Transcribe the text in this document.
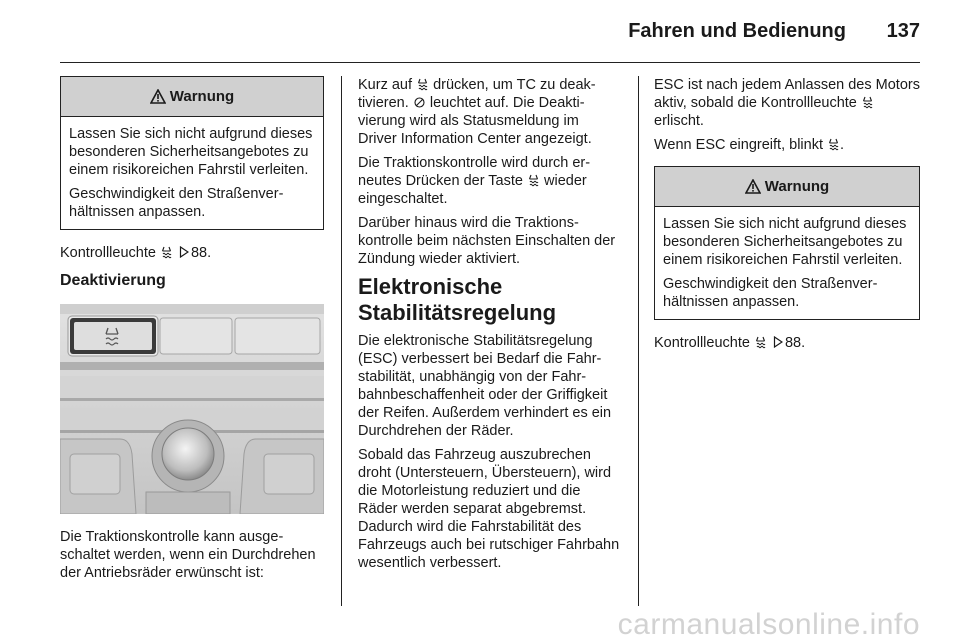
Fahren und Bedienung 137
Warnung

Lassen Sie sich nicht aufgrund dieses besonderen Sicherheitsangebotes zu einem risikoreichen Fahrstil verleiten.

Geschwindigkeit den Straßenverhältnissen anpassen.

Kontrollleuchte
88.

Deaktivierung

Die Traktionskontrolle kann ausgeschaltet werden, wenn ein Durchdrehen der Antriebsräder erwünscht ist:

Kurz auf drücken, um TC zu deaktivieren. leuchtet auf. Die Deaktivierung wird als Statusmeldung im Driver Information Center angezeigt.

Die Traktionskontrolle wird durch erneutes Drücken der Taste wieder eingeschaltet.

Darüber hinaus wird die Traktionskontrolle beim nächsten Einschalten der Zündung wieder aktiviert.

Elektronische Stabilitätsregelung

Die elektronische Stabilitätsregelung (ESC) verbessert bei Bedarf die Fahrstabilität, unabhängig von der Fahrbahnbeschaffenheit oder der Griffigkeit der Reifen. Außerdem verhindert es ein Durchdrehen der Räder.

Sobald das Fahrzeug auszubrechen droht (Untersteuern, Übersteuern), wird die Motorleistung reduziert und die Räder werden separat abgebremst. Dadurch wird die Fahrstabilität des Fahrzeugs auch bei rutschiger Fahrbahn wesentlich verbessert.

ESC ist nach jedem Anlassen des Motors aktiv, sobald die Kontrollleuchte
erlischt.

Wenn ESC eingreift, blinkt .

Warnung

Lassen Sie sich nicht aufgrund dieses besonderen Sicherheitsangebotes zu einem risikoreichen Fahrstil verleiten.

Geschwindigkeit den Straßenverhältnissen anpassen.

Kontrollleuchte
88.

carmanualsonline.info
